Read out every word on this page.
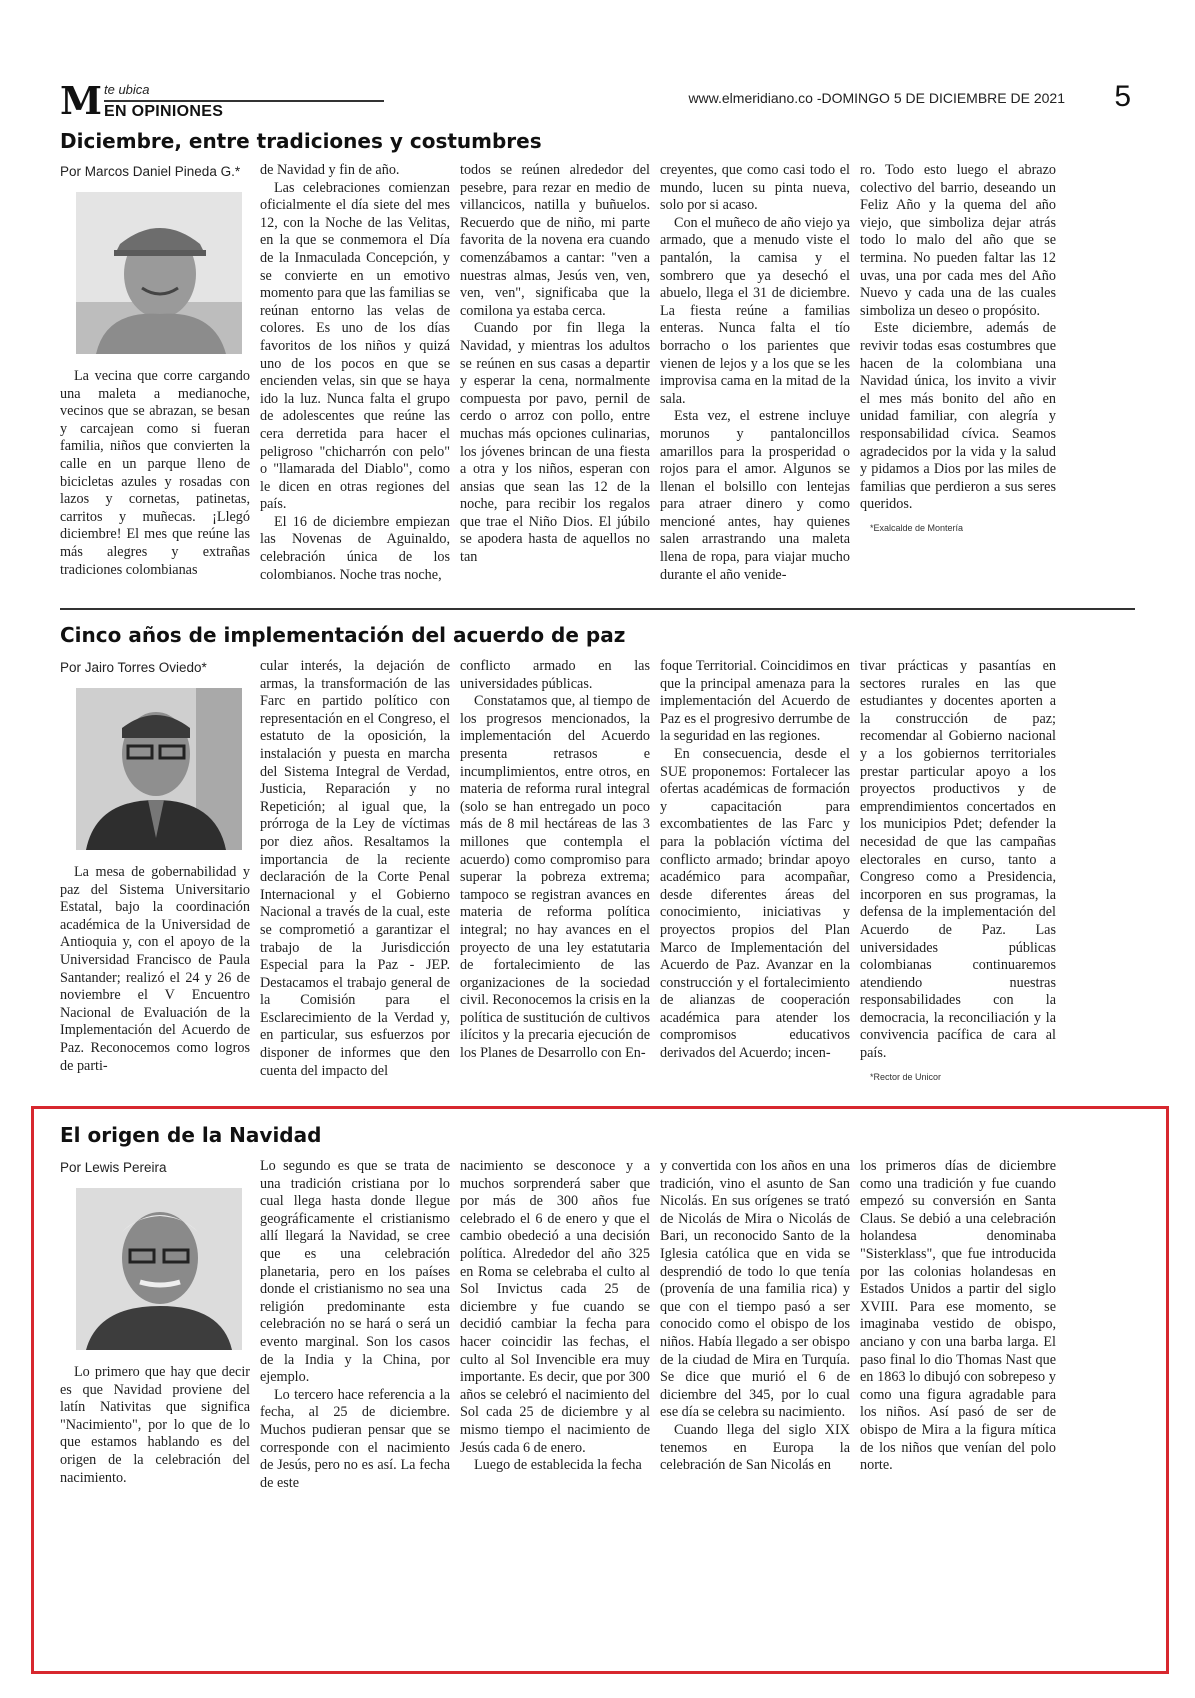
M te ubica
EN OPINIONES
www.elmeridiano.co -DOMINGO 5 DE DICIEMBRE DE 2021 5
Diciembre, entre tradiciones y costumbres
Por Marcos Daniel Pineda G.*

La vecina que corre cargando una maleta a medianoche, vecinos que se abrazan, se besan y carcajean como si fueran familia, niños que convierten la calle en un parque lleno de bicicletas azules y rosadas con lazos y cornetas, patinetas, carritos y muñecas. ¡Llegó diciembre! El mes que reúne las más alegres y extrañas tradiciones colombianas

de Navidad y fin de año.

Las celebraciones comienzan oficialmente el día siete del mes 12, con la Noche de las Velitas, en la que se conmemora el Día de la Inmaculada Concepción, y se convierte en un emotivo momento para que las familias se reúnan entorno las velas de colores. Es uno de los días favoritos de los niños y quizá uno de los pocos en que se encienden velas, sin que se haya ido la luz. Nunca falta el grupo de adolescentes que reúne las cera derretida para hacer el peligroso "chicharrón con pelo" o "llamarada del Diablo", como le dicen en otras regiones del país.

El 16 de diciembre empiezan las Novenas de Aguinaldo, celebración única de los colombianos. Noche tras noche,

todos se reúnen alrededor del pesebre, para rezar en medio de villancicos, natilla y buñuelos. Recuerdo que de niño, mi parte favorita de la novena era cuando comenzábamos a cantar: "ven a nuestras almas, Jesús ven, ven, ven, ven", significaba que la comilona ya estaba cerca.

Cuando por fin llega la Navidad, y mientras los adultos se reúnen en sus casas a departir y esperar la cena, normalmente compuesta por pavo, pernil de cerdo o arroz con pollo, entre muchas más opciones culinarias, los jóvenes brincan de una fiesta a otra y los niños, esperan con ansias que sean las 12 de la noche, para recibir los regalos que trae el Niño Dios. El júbilo se apodera hasta de aquellos no tan

creyentes, que como casi todo el mundo, lucen su pinta nueva, solo por si acaso.

Con el muñeco de año viejo ya armado, que a menudo viste el pantalón, la camisa y el sombrero que ya desechó el abuelo, llega el 31 de diciembre. La fiesta reúne a familias enteras. Nunca falta el tío borracho o los parientes que vienen de lejos y a los que se les improvisa cama en la mitad de la sala.

Esta vez, el estrene incluye morunos y pantaloncillos amarillos para la prosperidad o rojos para el amor. Algunos se llenan el bolsillo con lentejas para atraer dinero y como mencioné antes, hay quienes salen arrastrando una maleta llena de ropa, para viajar mucho durante el año venide-

ro. Todo esto luego el abrazo colectivo del barrio, deseando un Feliz Año y la quema del año viejo, que simboliza dejar atrás todo lo malo del año que se termina. No pueden faltar las 12 uvas, una por cada mes del Año Nuevo y cada una de las cuales simboliza un deseo o propósito.

Este diciembre, además de revivir todas esas costumbres que hacen de la colombiana una Navidad única, los invito a vivir el mes más bonito del año en unidad familiar, con alegría y responsabilidad cívica. Seamos agradecidos por la vida y la salud y pidamos a Dios por las miles de familias que perdieron a sus seres queridos.

*Exalcalde de Montería

Cinco años de implementación del acuerdo de paz
Por Jairo Torres Oviedo*

La mesa de gobernabilidad y paz del Sistema Universitario Estatal, bajo la coordinación académica de la Universidad de Antioquia y, con el apoyo de la Universidad Francisco de Paula Santander; realizó el 24 y 26 de noviembre el V Encuentro Nacional de Evaluación de la Implementación del Acuerdo de Paz. Reconocemos como logros de parti-

cular interés, la dejación de armas, la transformación de las Farc en partido político con representación en el Congreso, el estatuto de la oposición, la instalación y puesta en marcha del Sistema Integral de Verdad, Justicia, Reparación y no Repetición; al igual que, la prórroga de la Ley de víctimas por diez años. Resaltamos la importancia de la reciente declaración de la Corte Penal Internacional y el Gobierno Nacional a través de la cual, este se comprometió a garantizar el trabajo de la Jurisdicción Especial para la Paz - JEP. Destacamos el trabajo general de la Comisión para el Esclarecimiento de la Verdad y, en particular, sus esfuerzos por disponer de informes que den cuenta del impacto del

conflicto armado en las universidades públicas.

Constatamos que, al tiempo de los progresos mencionados, la implementación del Acuerdo presenta retrasos e incumplimientos, entre otros, en materia de reforma rural integral (solo se han entregado un poco más de 8 mil hectáreas de las 3 millones que contempla el acuerdo) como compromiso para superar la pobreza extrema; tampoco se registran avances en materia de reforma política integral; no hay avances en el proyecto de una ley estatutaria de fortalecimiento de las organizaciones de la sociedad civil. Reconocemos la crisis en la política de sustitución de cultivos ilícitos y la precaria ejecución de los Planes de Desarrollo con En-

foque Territorial. Coincidimos en que la principal amenaza para la implementación del Acuerdo de Paz es el progresivo derrumbe de la seguridad en las regiones.

En consecuencia, desde el SUE proponemos: Fortalecer las ofertas académicas de formación y capacitación para excombatientes de las Farc y para la población víctima del conflicto armado; brindar apoyo académico para acompañar, desde diferentes áreas del conocimiento, iniciativas y proyectos propios del Plan Marco de Implementación del Acuerdo de Paz. Avanzar en la construcción y el fortalecimiento de alianzas de cooperación académica para atender los compromisos educativos derivados del Acuerdo; incen-

tivar prácticas y pasantías en sectores rurales en las que estudiantes y docentes aporten a la construcción de paz; recomendar al Gobierno nacional y a los gobiernos territoriales prestar particular apoyo a los proyectos productivos y de emprendimientos concertados en los municipios Pdet; defender la necesidad de que las campañas electorales en curso, tanto a Congreso como a Presidencia, incorporen en sus programas, la defensa de la implementación del Acuerdo de Paz. Las universidades públicas colombianas continuaremos atendiendo nuestras responsabilidades con la democracia, la reconciliación y la convivencia pacífica de cara al país.

*Rector de Unicor

El origen de la Navidad
Por Lewis Pereira

Lo primero que hay que decir es que Navidad proviene del latín Nativitas que significa "Nacimiento", por lo que de lo que estamos hablando es del origen de la celebración del nacimiento.

Lo segundo es que se trata de una tradición cristiana por lo cual llega hasta donde llegue geográficamente el cristianismo allí llegará la Navidad, se cree que es una celebración planetaria, pero en los países donde el cristianismo no sea una religión predominante esta celebración no se hará o será un evento marginal. Son los casos de la India y la China, por ejemplo.

Lo tercero hace referencia a la fecha, al 25 de diciembre. Muchos pudieran pensar que se corresponde con el nacimiento de Jesús, pero no es así. La fecha de este

nacimiento se desconoce y a muchos sorprenderá saber que por más de 300 años fue celebrado el 6 de enero y que el cambio obedeció a una decisión política. Alrededor del año 325 en Roma se celebraba el culto al Sol Invictus cada 25 de diciembre y fue cuando se decidió cambiar la fecha para hacer coincidir las fechas, el culto al Sol Invencible era muy importante. Es decir, que por 300 años se celebró el nacimiento del Sol cada 25 de diciembre y al mismo tiempo el nacimiento de Jesús cada 6 de enero.

Luego de establecida la fecha

y convertida con los años en una tradición, vino el asunto de San Nicolás. En sus orígenes se trató de Nicolás de Mira o Nicolás de Bari, un reconocido Santo de la Iglesia católica que en vida se desprendió de todo lo que tenía (provenía de una familia rica) y que con el tiempo pasó a ser conocido como el obispo de los niños. Había llegado a ser obispo de la ciudad de Mira en Turquía. Se dice que murió el 6 de diciembre del 345, por lo cual ese día se celebra su nacimiento.

Cuando llega del siglo XIX tenemos en Europa la celebración de San Nicolás en

los primeros días de diciembre como una tradición y fue cuando empezó su conversión en Santa Claus. Se debió a una celebración holandesa denominaba "Sisterklass", que fue introducida por las colonias holandesas en Estados Unidos a partir del siglo XVIII. Para ese momento, se imaginaba vestido de obispo, anciano y con una barba larga. El paso final lo dio Thomas Nast que en 1863 lo dibujó con sobrepeso y como una figura agradable para los niños. Así pasó de ser de obispo de Mira a la figura mítica de los niños que venían del polo norte.
